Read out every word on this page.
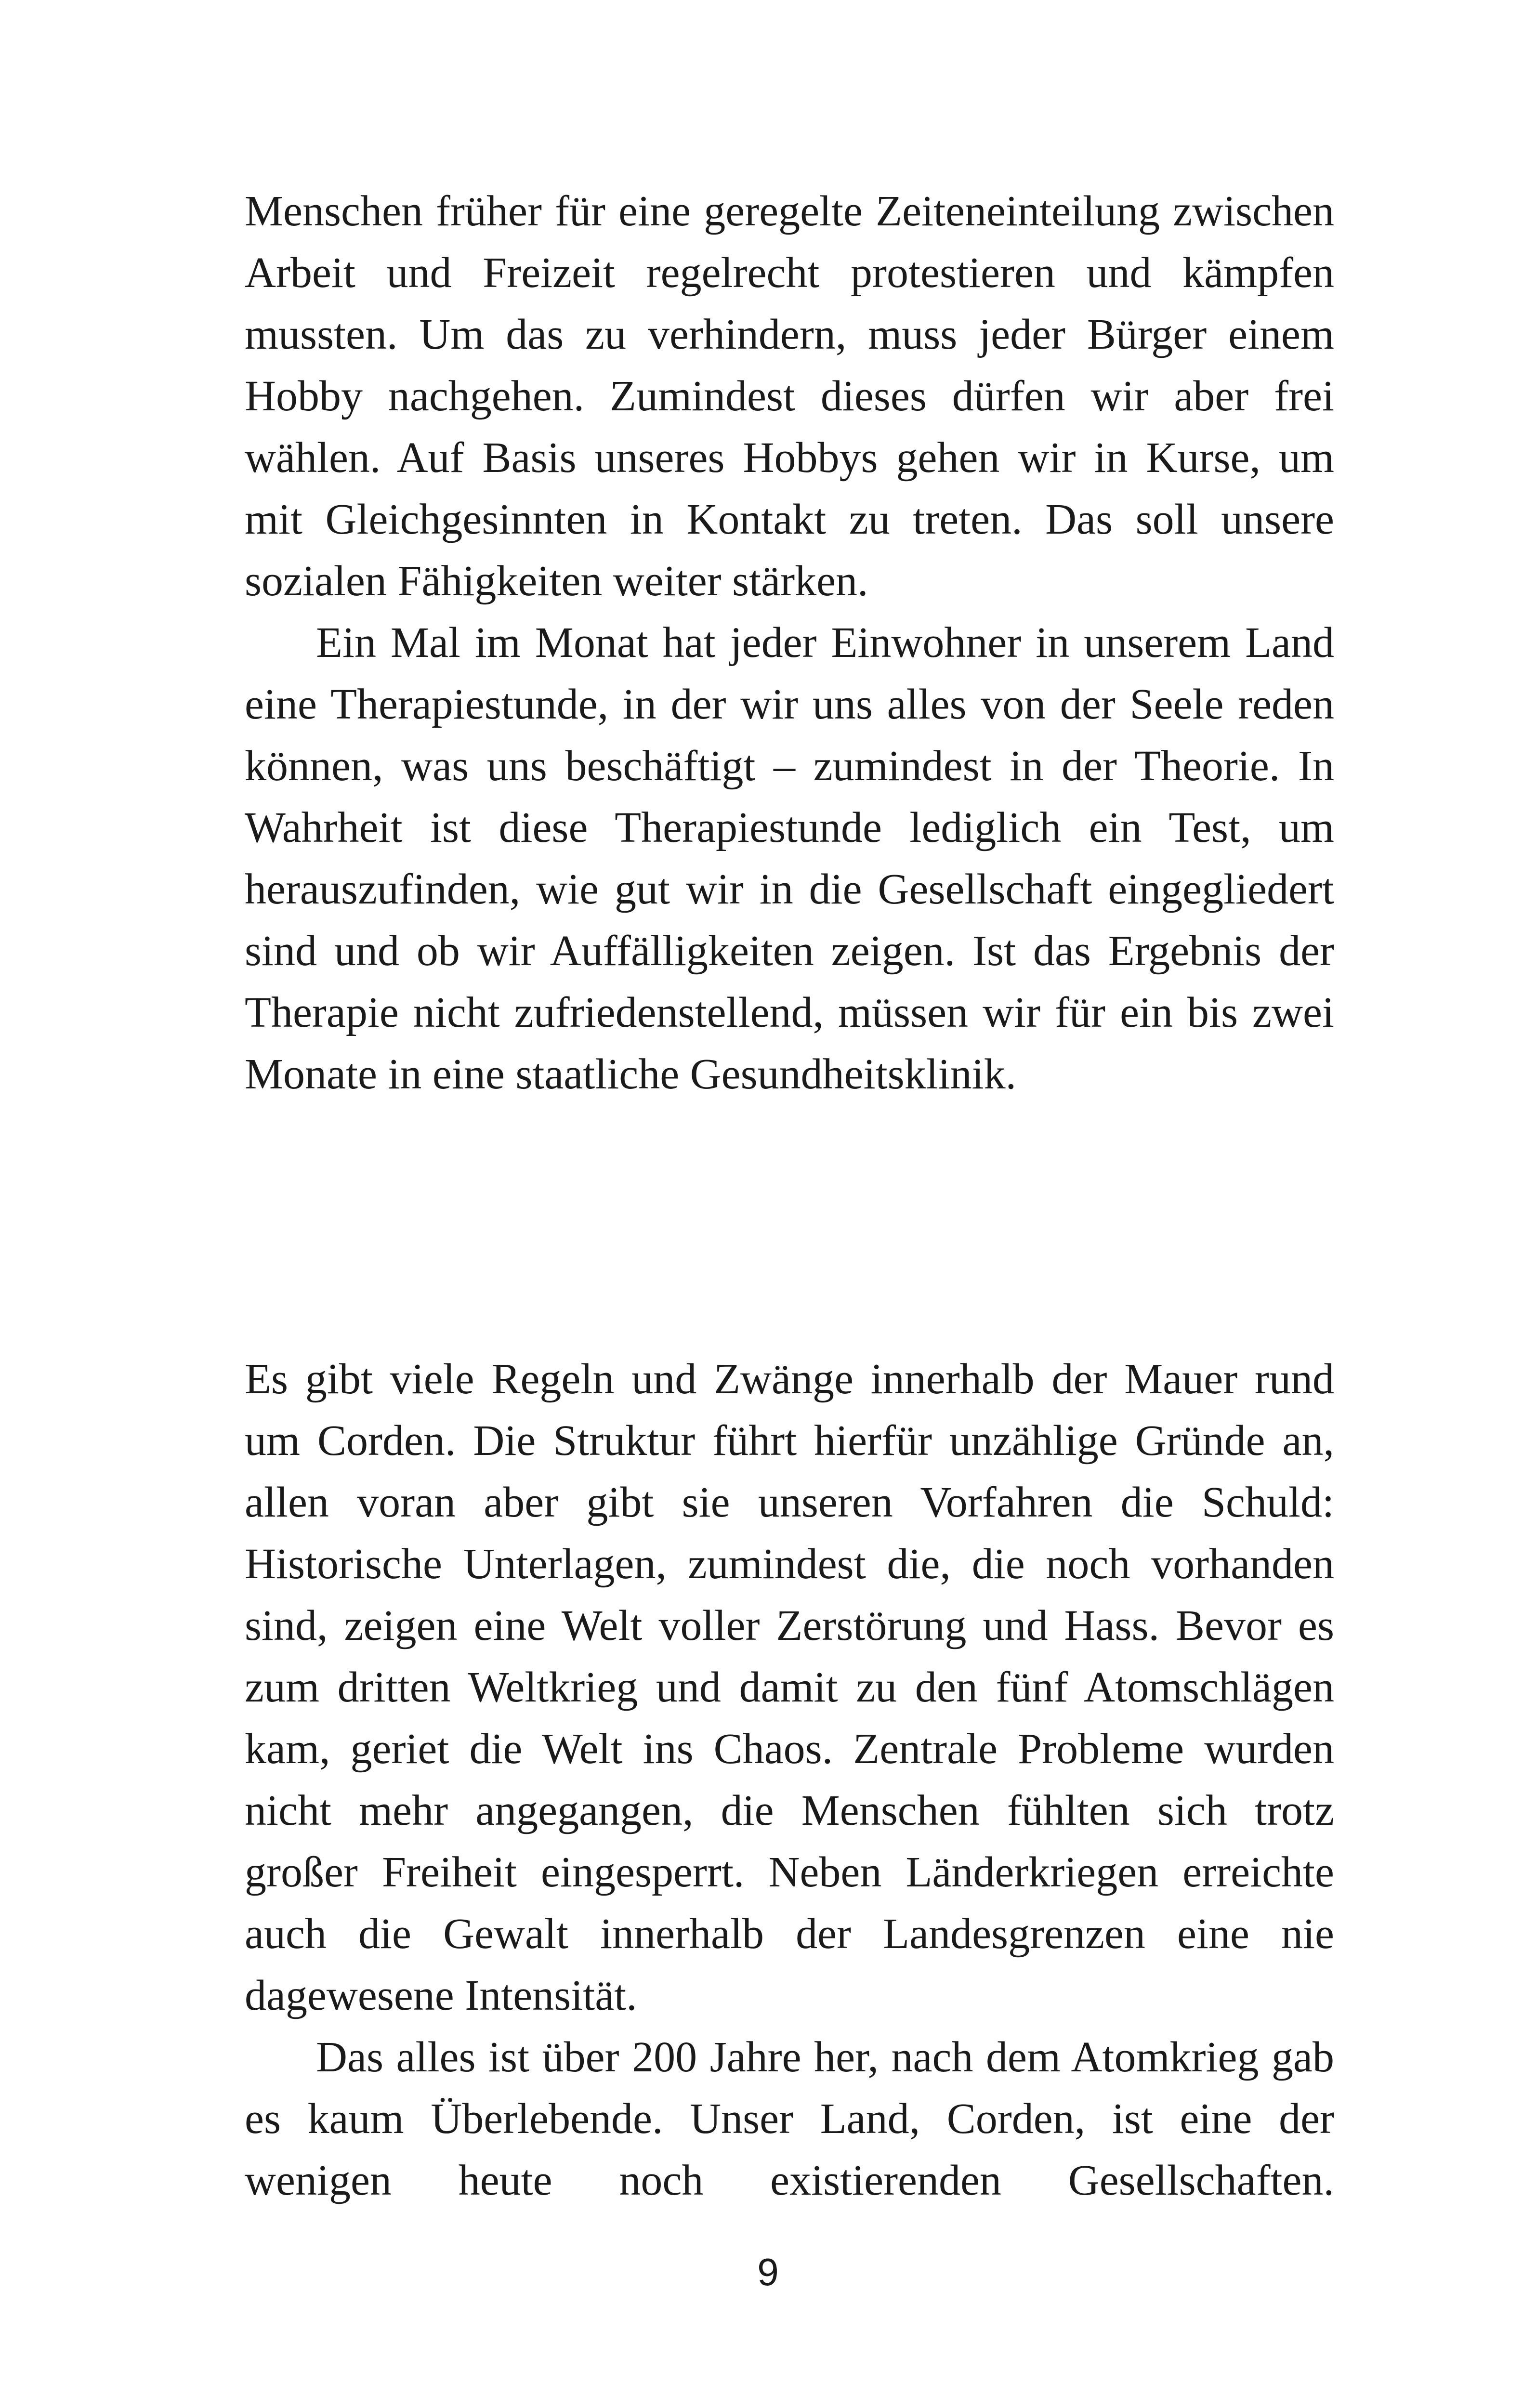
Menschen früher für eine geregelte Zeiteneinteilung zwischen Arbeit und Freizeit regelrecht protestieren und kämpfen mussten. Um das zu verhindern, muss jeder Bürger einem Hobby nachgehen. Zumindest dieses dürfen wir aber frei wählen. Auf Basis unseres Hobbys gehen wir in Kurse, um mit Gleichgesinnten in Kontakt zu treten. Das soll unsere sozialen Fähigkeiten weiter stärken.

Ein Mal im Monat hat jeder Einwohner in unserem Land eine Therapiestunde, in der wir uns alles von der Seele reden können, was uns beschäftigt – zumindest in der Theorie. In Wahrheit ist diese Therapiestunde lediglich ein Test, um herauszufinden, wie gut wir in die Gesellschaft eingegliedert sind und ob wir Auffälligkeiten zeigen. Ist das Ergebnis der Therapie nicht zufriedenstellend, müssen wir für ein bis zwei Monate in eine staatliche Gesundheitsklinik.

Es gibt viele Regeln und Zwänge innerhalb der Mauer rund um Corden. Die Struktur führt hierfür unzählige Gründe an, allen voran aber gibt sie unseren Vorfahren die Schuld: Historische Unterlagen, zumindest die, die noch vorhanden sind, zeigen eine Welt voller Zerstörung und Hass. Bevor es zum dritten Weltkrieg und damit zu den fünf Atomschlägen kam, geriet die Welt ins Chaos. Zentrale Probleme wurden nicht mehr angegangen, die Menschen fühlten sich trotz großer Freiheit eingesperrt. Neben Länderkriegen erreichte auch die Gewalt innerhalb der Landesgrenzen eine nie dagewesene Intensität.

Das alles ist über 200 Jahre her, nach dem Atomkrieg gab es kaum Überlebende. Unser Land, Corden, ist eine der wenigen heute noch existierenden Gesellschaften.

9
